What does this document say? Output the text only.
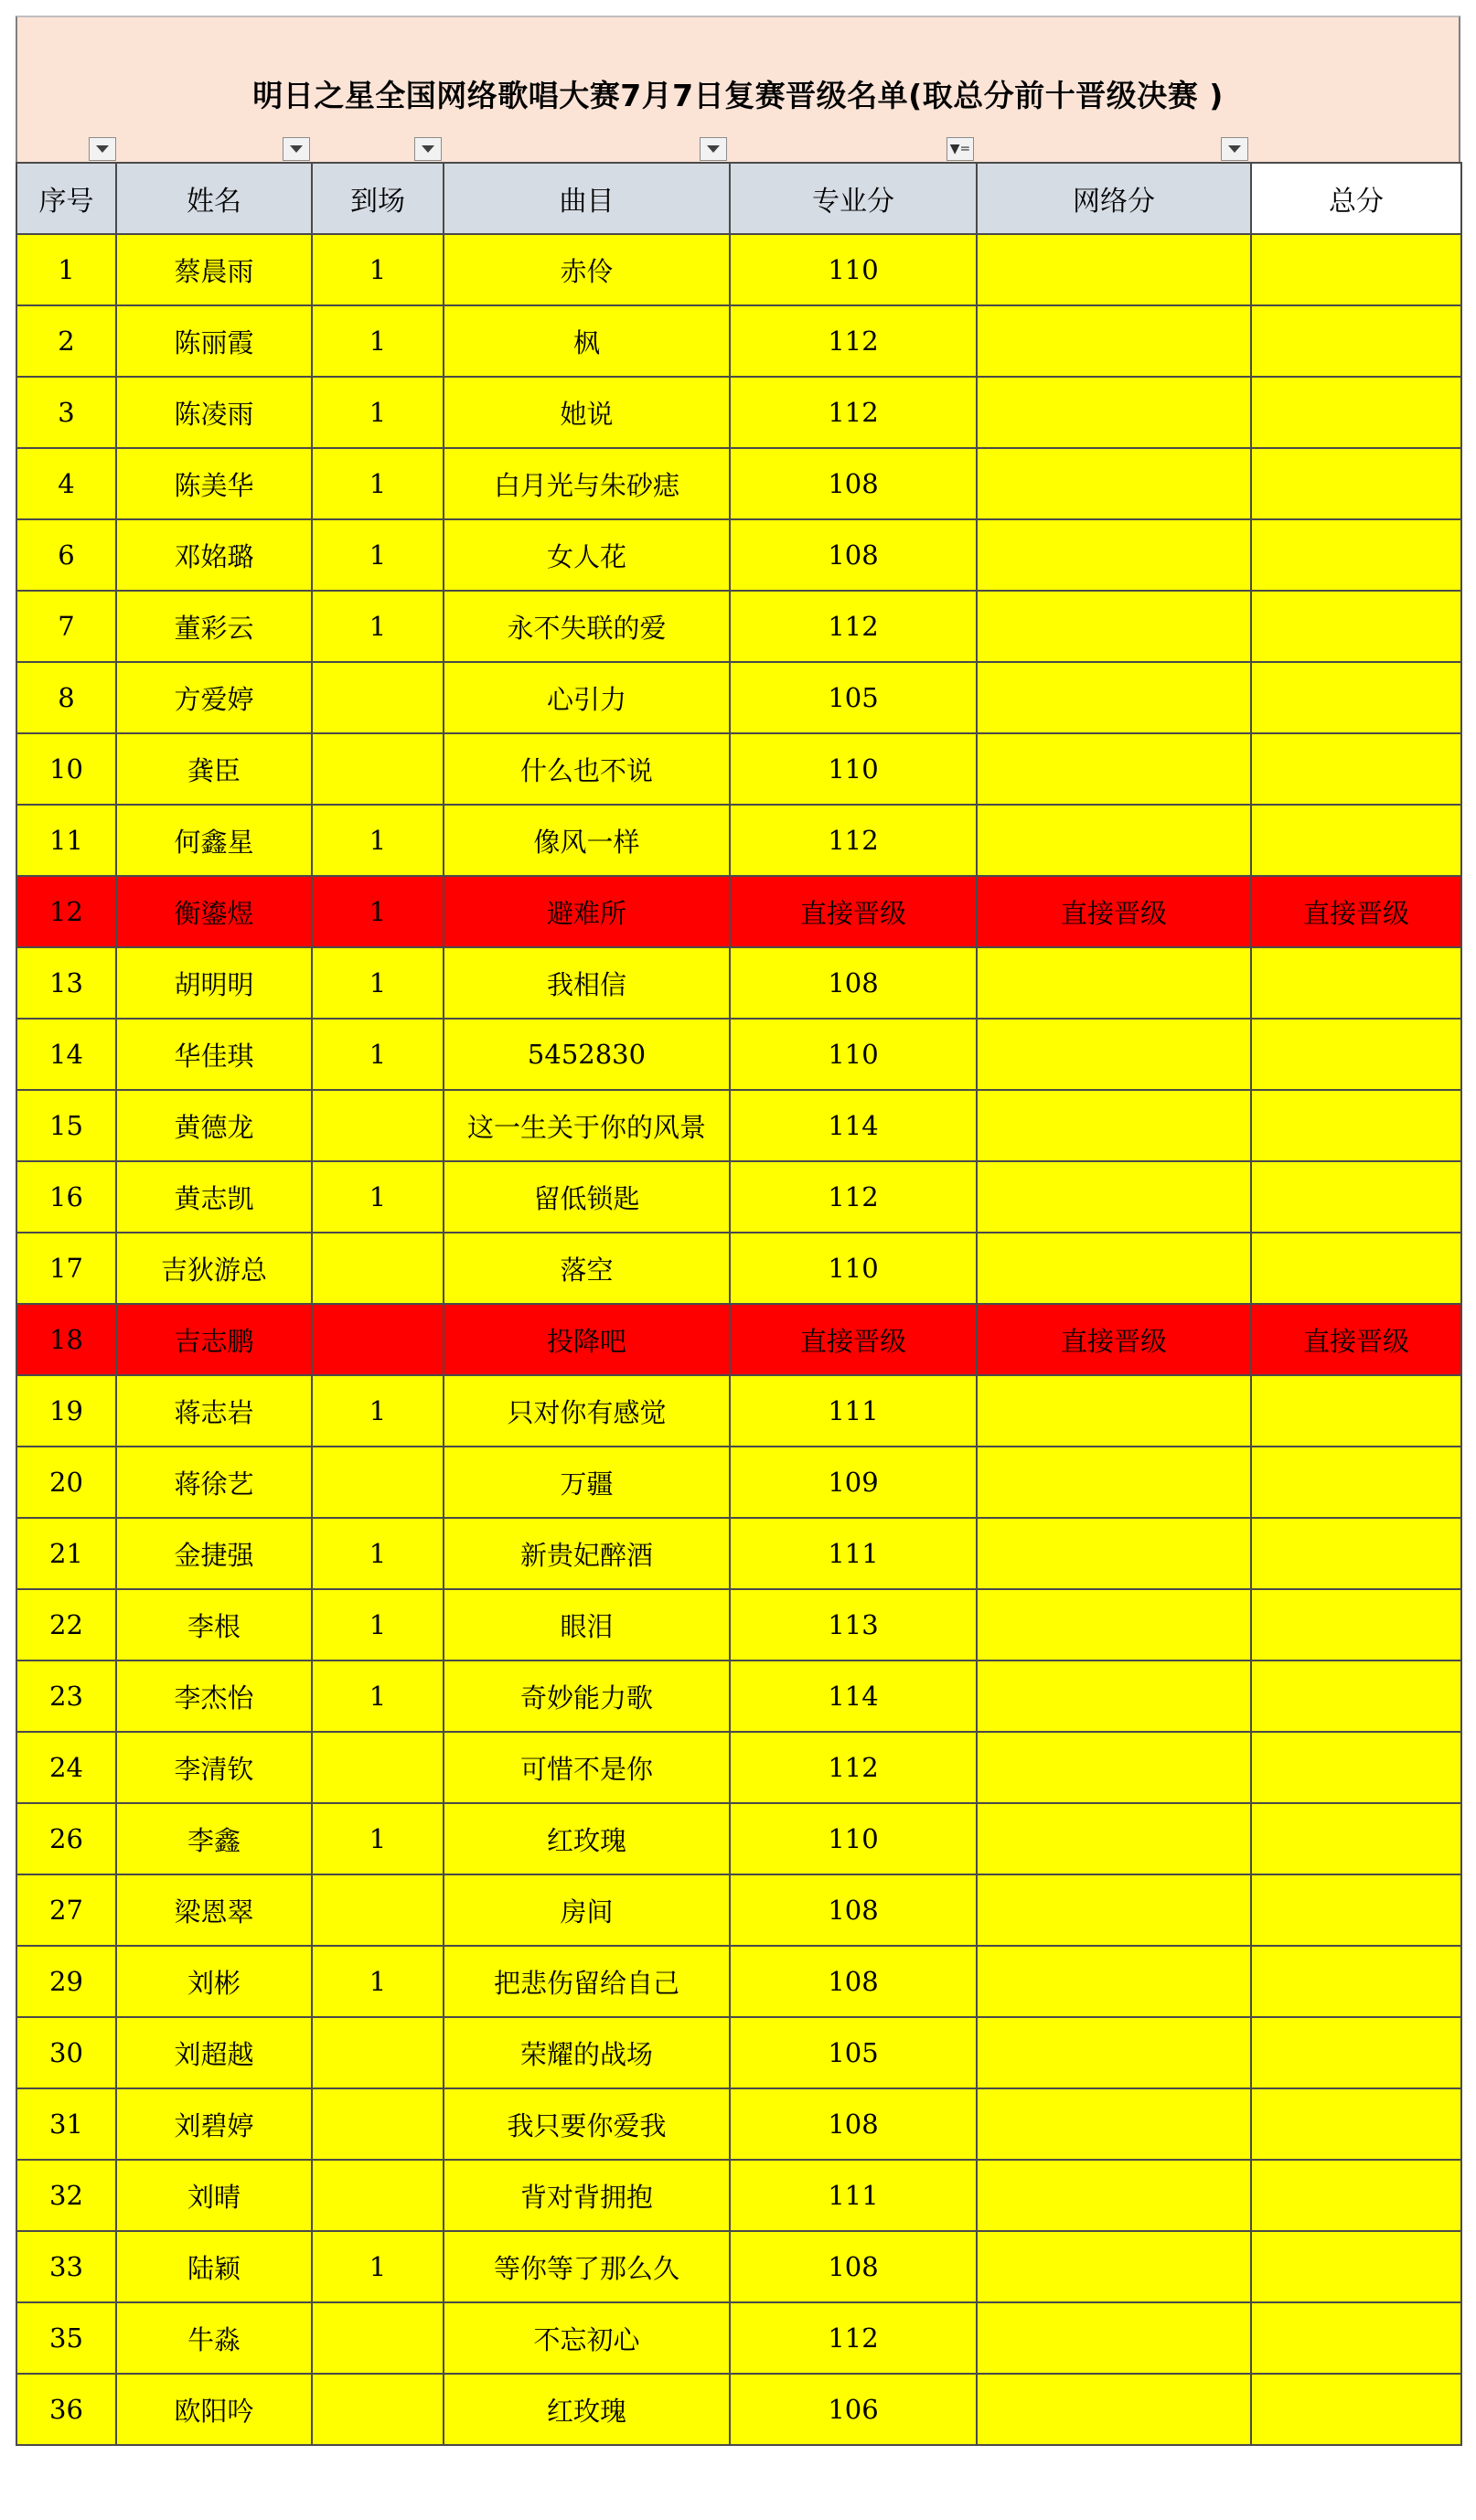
明日之星全国网络歌唱大赛7月7日复赛晋级名单(取总分前十晋级决赛 )
▼=
序号	姓名	到场	曲目	专业分	网络分	总分
1	蔡晨雨	1	赤伶	110		
2	陈丽霞	1	枫	112		
3	陈凌雨	1	她说	112		
4	陈美华	1	白月光与朱砂痣	108		
6	邓姳璐	1	女人花	108		
7	董彩云	1	永不失联的爱	112		
8	方爱婷		心引力	105		
10	龚臣		什么也不说	110		
11	何鑫星	1	像风一样	112		
12	衡鎏煜	1	避难所	直接晋级	直接晋级	直接晋级
13	胡明明	1	我相信	108		
14	华佳琪	1	5452830	110		
15	黄德龙		这一生关于你的风景	114		
16	黄志凯	1	留低锁匙	112		
17	吉狄游总		落空	110		
18	吉志鹏		投降吧	直接晋级	直接晋级	直接晋级
19	蒋志岩	1	只对你有感觉	111		
20	蒋徐艺		万疆	109		
21	金捷强	1	新贵妃醉酒	111		
22	李根	1	眼泪	113		
23	李杰怡	1	奇妙能力歌	114		
24	李清钦		可惜不是你	112		
26	李鑫	1	红玫瑰	110		
27	梁恩翠		房间	108		
29	刘彬	1	把悲伤留给自己	108		
30	刘超越		荣耀的战场	105		
31	刘碧婷		我只要你爱我	108		
32	刘晴		背对背拥抱	111		
33	陆颖	1	等你等了那么久	108		
35	牛淼		不忘初心	112		
36	欧阳吟		红玫瑰	106		
